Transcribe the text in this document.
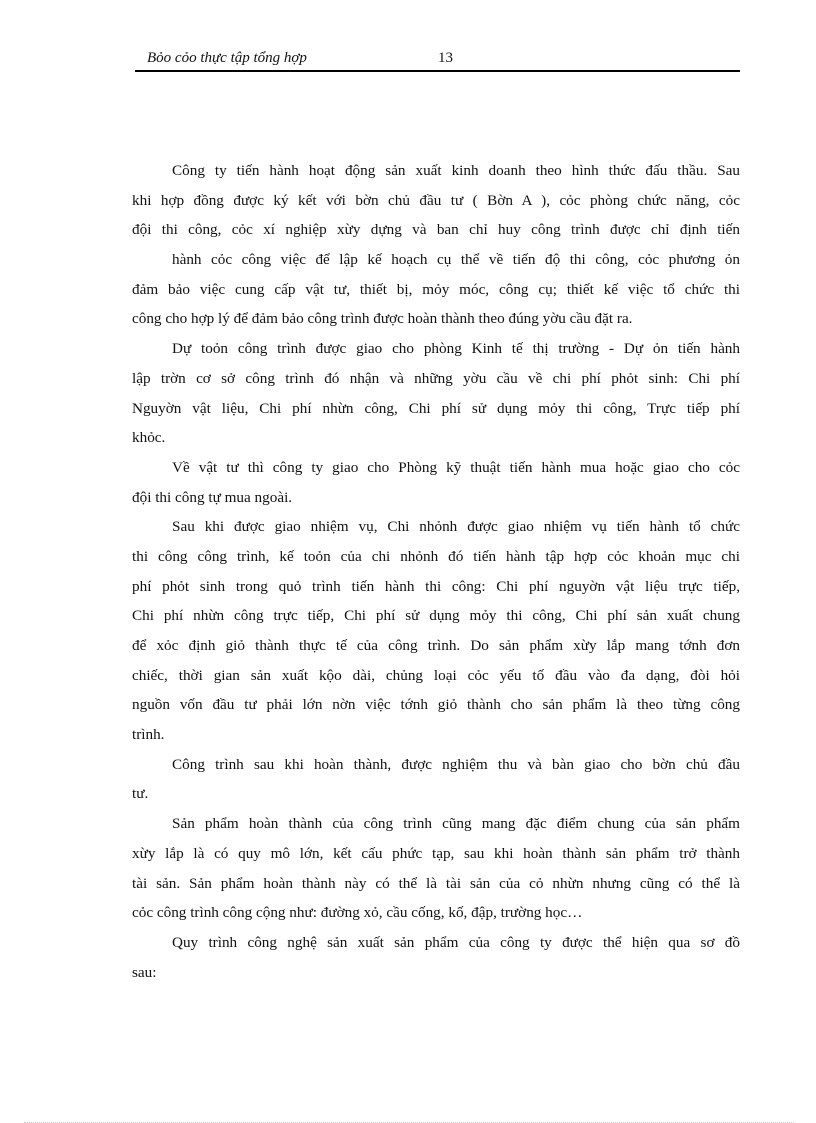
Bỏo cỏo thực tập tổng hợp	13
Công ty tiến hành hoạt động sản xuất kinh doanh theo hình thức đấu thầu. Sau
khi hợp đồng được ký kết với bờn chủ đầu tư ( Bờn A ), cỏc phòng chức năng, cỏc
đội thi công, cỏc xí nghiệp xừy dựng và ban chỉ huy công trình được chỉ định tiến
hành cỏc công việc để lập kế hoạch cụ thể về tiến độ thi công, cỏc phương ỏn
đảm bảo việc cung cấp vật tư, thiết bị, mỏy móc, công cụ; thiết kế việc tổ chức thi
công cho hợp lý để đảm bảo công trình được hoàn thành theo đúng yờu cầu đặt ra.
Dự toỏn công trình được giao cho phòng Kinh tế thị trường - Dự ỏn tiến hành
lập trờn cơ sở công trình đó nhận và những yờu cầu về chi phí phỏt sinh: Chi phí
Nguyờn vật liệu, Chi phí nhừn công, Chi phí sử dụng mỏy thi công, Trực tiếp phí
khỏc.
Về vật tư thì công ty giao cho Phòng kỹ thuật tiến hành mua hoặc giao cho cỏc
đội thi công tự mua ngoài.
Sau khi được giao nhiệm vụ, Chi nhỏnh được giao nhiệm vụ tiến hành tổ chức
thi công công trình, kế toỏn của chi nhỏnh đó tiến hành tập hợp cỏc khoản mục chi
phí phỏt sinh trong quỏ trình tiến hành thi công: Chi phí nguyờn vật liệu trực tiếp,
Chi phí nhừn công trực tiếp, Chi phí sử dụng mỏy thi công, Chi phí sản xuất chung
để xỏc định giỏ thành thực tế của công trình. Do sản phẩm xừy lắp mang tớnh đơn
chiếc, thời gian sản xuất kộo dài, chủng loại cỏc yếu tố đầu vào đa dạng, đòi hỏi
nguồn vốn đầu tư phải lớn nờn việc tớnh giỏ thành cho sản phẩm là theo từng công
trình.
Công trình sau khi hoàn thành, được nghiệm thu và bàn giao cho bờn chủ đầu
tư.
Sản phẩm hoàn thành của công trình cũng mang đặc điểm chung của sản phẩm
xừy lắp là có quy mô lớn, kết cấu phức tạp, sau khi hoàn thành sản phẩm trở thành
tài sản. Sản phẩm hoàn thành này có thể là tài sản của cỏ nhừn nhưng cũng có thể là
cỏc công trình công cộng như: đường xỏ, cầu cống, kố, đập, trường học…
Quy trình công nghệ sản xuất sản phẩm của công ty được thể hiện qua sơ đồ
sau:
